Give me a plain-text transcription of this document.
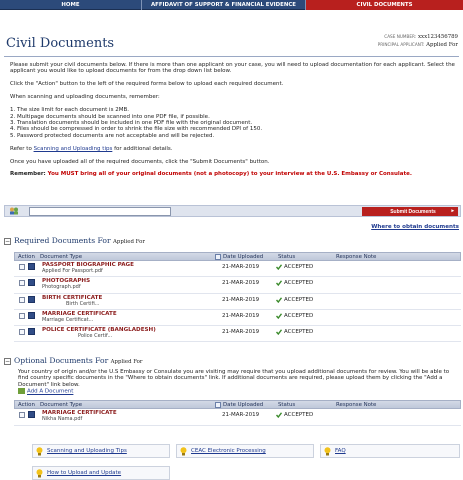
HOME	AFFIDAVIT OF SUPPORT & FINANCIAL EVIDENCE	CIVIL DOCUMENTS
Civil Documents	CASE NUMBER: xxx123456789
PRINCIPAL APPLICANT: Applied For

Please submit your civil documents below. If there is more than one applicant on your case, you will need to upload documentation for each applicant. Select the applicant you would like to upload documents for from the drop down list below.

Click the "Action" button to the left of the required forms below to upload each required document.

When scanning and uploading documents, remember:

1. The size limit for each document is 2MB.
2. Multipage documents should be scanned into one PDF file, if possible.
3. Translation documents should be included in one PDF file with the original document.
4. Files should be compressed in order to shrink the file size with recommended DPI of 150.
5. Password protected documents are not acceptable and will be rejected.

Refer to Scanning and Uploading tips for additional details.

Once you have uploaded all of the required documents, click the "Submit Documents" button.

Remember: You MUST bring all of your original documents (not a photocopy) to your interview at the U.S. Embassy or Consulate.

Submit Documents	▸
Where to obtain documents
− Required Documents For Applied For
Action Document Type	Date Uploaded	Status	Response Note
PASSPORT BIOGRAPHIC PAGE
Applied For Passport.pdf
21-MAR-2019	ACCEPTED
PHOTOGRAPHS
Photograph.pdf
21-MAR-2019	ACCEPTED
BIRTH CERTIFICATE
Birth Certifi...
21-MAR-2019	ACCEPTED
MARRIAGE CERTIFICATE
Marriage Certificat...
21-MAR-2019	ACCEPTED
POLICE CERTIFICATE (BANGLADESH)
Police Certif...
21-MAR-2019	ACCEPTED
− Optional Documents For Applied For
Your country of origin and/or the U.S Embassy or Consulate you are visiting may require that you upload additional documents for review. You will be able to find country specific documents in the "Where to obtain documents" link. If additional documents are required, please upload them by clicking the "Add a Document" link below.
Add A Document
Action Document Type	Date Uploaded	Status	Response Note
MARRIAGE CERTIFICATE
Nikha Nama.pdf
21-MAR-2019	ACCEPTED
Scanning and Uploading Tips	CEAC Electronic Processing	FAQ
How to Upload and Update
